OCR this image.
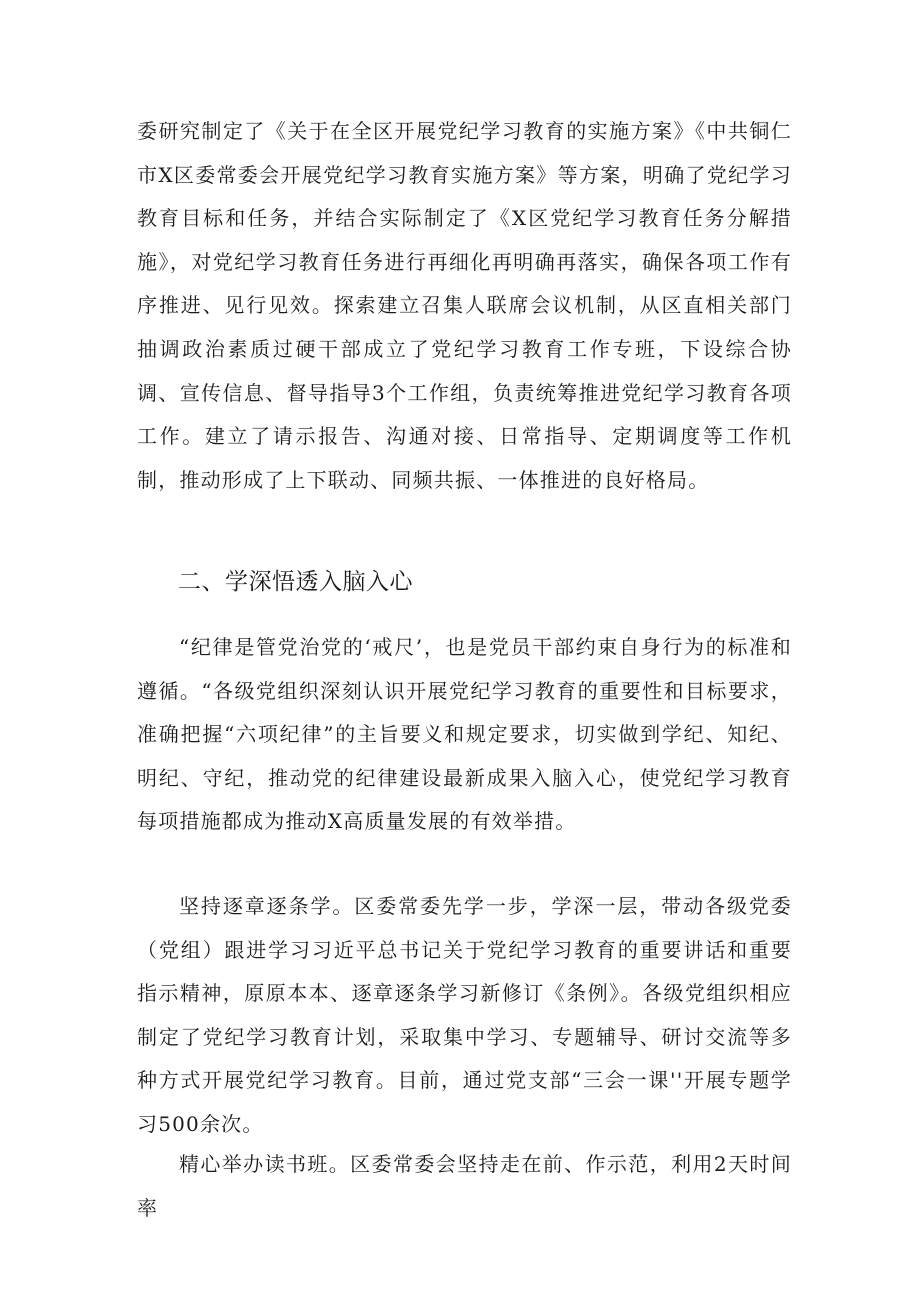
委研究制定了《关于在全区开展党纪学习教育的实施方案》《中共铜仁市X区委常委会开展党纪学习教育实施方案》等方案，明确了党纪学习教育目标和任务，并结合实际制定了《X区党纪学习教育任务分解措施》，对党纪学习教育任务进行再细化再明确再落实，确保各项工作有序推进、见行见效。探索建立召集人联席会议机制，从区直相关部门抽调政治素质过硬干部成立了党纪学习教育工作专班，下设综合协调、宣传信息、督导指导3个工作组，负责统筹推进党纪学习教育各项工作。建立了请示报告、沟通对接、日常指导、定期调度等工作机制，推动形成了上下联动、同频共振、一体推进的良好格局。

二、学深悟透入脑入心

“纪律是管党治党的‘戒尺’，也是党员干部约束自身行为的标准和遵循。“各级党组织深刻认识开展党纪学习教育的重要性和目标要求，准确把握“六项纪律”的主旨要义和规定要求，切实做到学纪、知纪、明纪、守纪，推动党的纪律建设最新成果入脑入心，使党纪学习教育每项措施都成为推动X高质量发展的有效举措。

坚持逐章逐条学。区委常委先学一步，学深一层，带动各级党委（党组）跟进学习习近平总书记关于党纪学习教育的重要讲话和重要指示精神，原原本本、逐章逐条学习新修订《条例》。各级党组织相应制定了党纪学习教育计划，采取集中学习、专题辅导、研讨交流等多种方式开展党纪学习教育。目前，通过党支部“三会一课''开展专题学习500余次。

精心举办读书班。区委常委会坚持走在前、作示范，利用2天时间率
